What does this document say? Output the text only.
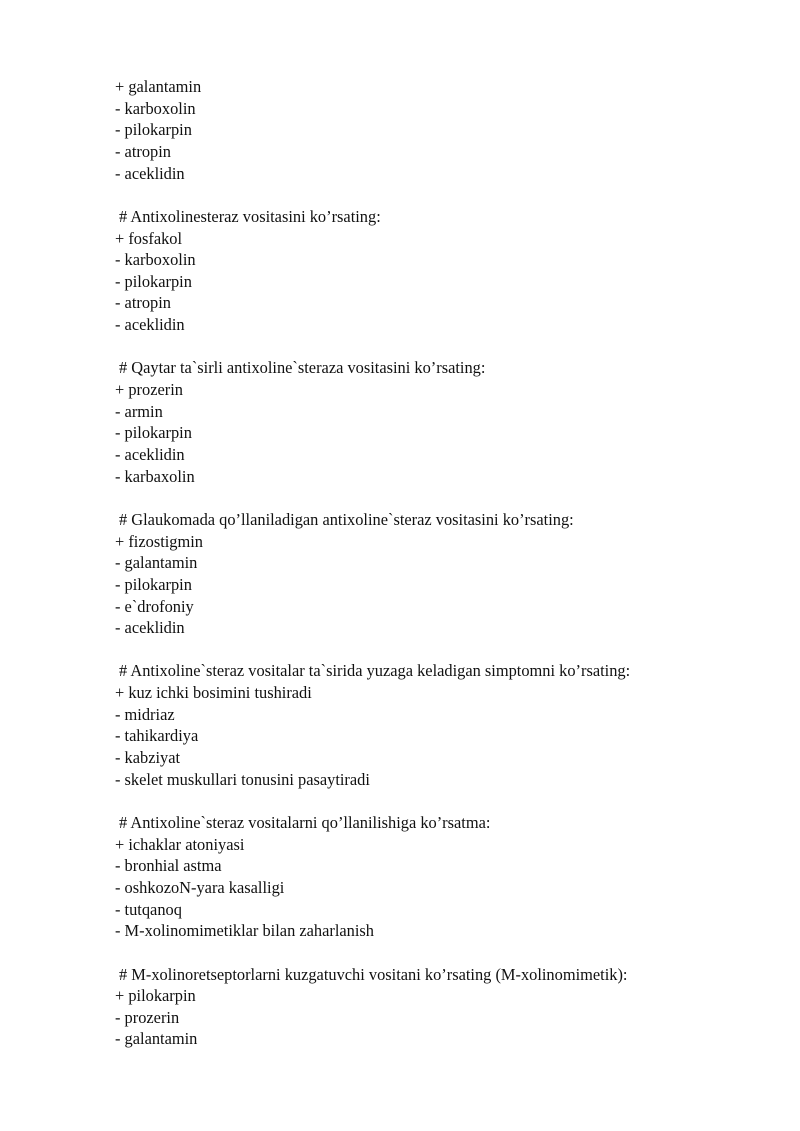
+ galantamin
- karboxolin
- pilokarpin
- atropin
- aceklidin
# Antixolinesteraz vositasini ko’rsating:
+ fosfakol
- karboxolin
- pilokarpin
- atropin
- aceklidin
# Qaytar ta`sirli antixoline`steraza vositasini ko’rsating:
+ prozerin
- armin
- pilokarpin
- aceklidin
- karbaxolin
# Glaukomada qo’llaniladigan antixoline`steraz vositasini ko’rsating:
+ fizostigmin
- galantamin
- pilokarpin
- e`drofoniy
- aceklidin
# Antixoline`steraz vositalar ta`sirida yuzaga keladigan simptomni ko’rsating:
+ kuz ichki bosimini tushiradi
- midriaz
- tahikardiya
- kabziyat
- skelet muskullari tonusini pasaytiradi
# Antixoline`steraz vositalarni qo’llanilishiga ko’rsatma:
+ ichaklar atoniyasi
- bronhial astma
- oshkozoN-yara kasalligi
- tutqanoq
- M-xolinomimetiklar bilan zaharlanish
# M-xolinoretseptorlarni kuzgatuvchi vositani ko’rsating (M-xolinomimetik):
+ pilokarpin
- prozerin
- galantamin
